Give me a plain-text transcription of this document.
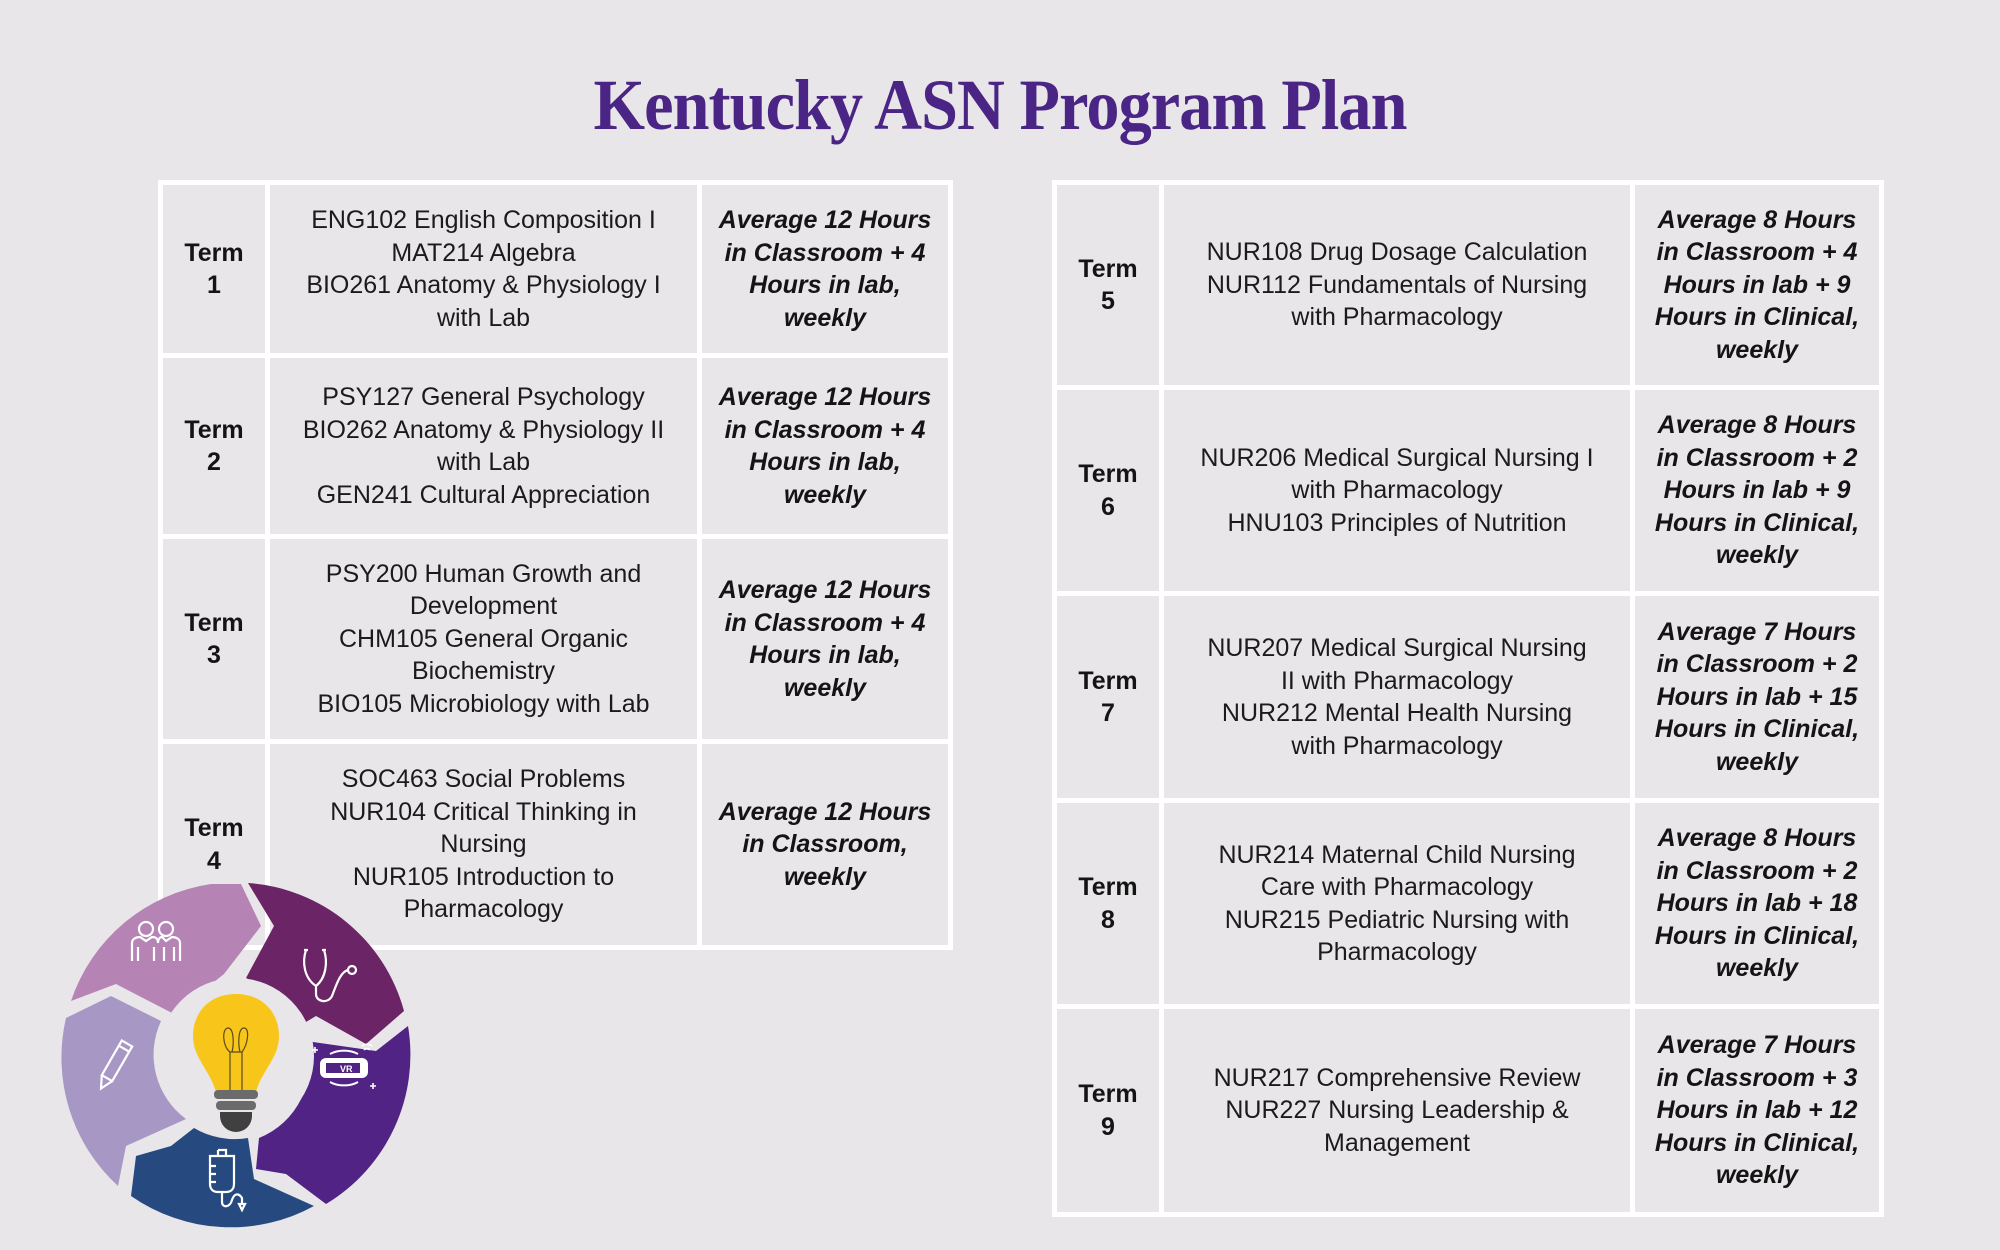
Kentucky ASN Program Plan
Term
1	ENG102 English Composition I
MAT214 Algebra
BIO261 Anatomy & Physiology I
with Lab	Average 12 Hours
in Classroom + 4
Hours in lab,
weekly

Term
2	PSY127 General Psychology
BIO262 Anatomy & Physiology II
with Lab
GEN241 Cultural Appreciation	Average 12 Hours
in Classroom + 4
Hours in lab,
weekly

Term
3	PSY200 Human Growth and
Development
CHM105 General Organic
Biochemistry
BIO105 Microbiology with Lab	Average 12 Hours
in Classroom + 4
Hours in lab,
weekly

Term
4	SOC463 Social Problems
NUR104 Critical Thinking in
Nursing
NUR105 Introduction to
Pharmacology	Average 12 Hours
in Classroom,
weekly
Term
5	NUR108 Drug Dosage Calculation
NUR112 Fundamentals of Nursing
with Pharmacology	Average 8 Hours
in Classroom + 4
Hours in lab + 9
Hours in Clinical,
weekly

Term
6	NUR206 Medical Surgical Nursing I
with Pharmacology
HNU103 Principles of Nutrition	Average 8 Hours
in Classroom + 2
Hours in lab + 9
Hours in Clinical,
weekly

Term
7	NUR207 Medical Surgical Nursing
II with Pharmacology
NUR212 Mental Health Nursing
with Pharmacology	Average 7 Hours
in Classroom + 2
Hours in lab + 15
Hours in Clinical,
weekly

Term
8	NUR214 Maternal Child Nursing
Care with Pharmacology
NUR215 Pediatric Nursing with
Pharmacology	Average 8 Hours
in Classroom + 2
Hours in lab + 18
Hours in Clinical,
weekly

Term
9	NUR217 Comprehensive Review
NUR227 Nursing Leadership &
Management	Average 7 Hours
in Classroom + 3
Hours in lab + 12
Hours in Clinical,
weekly
VR
